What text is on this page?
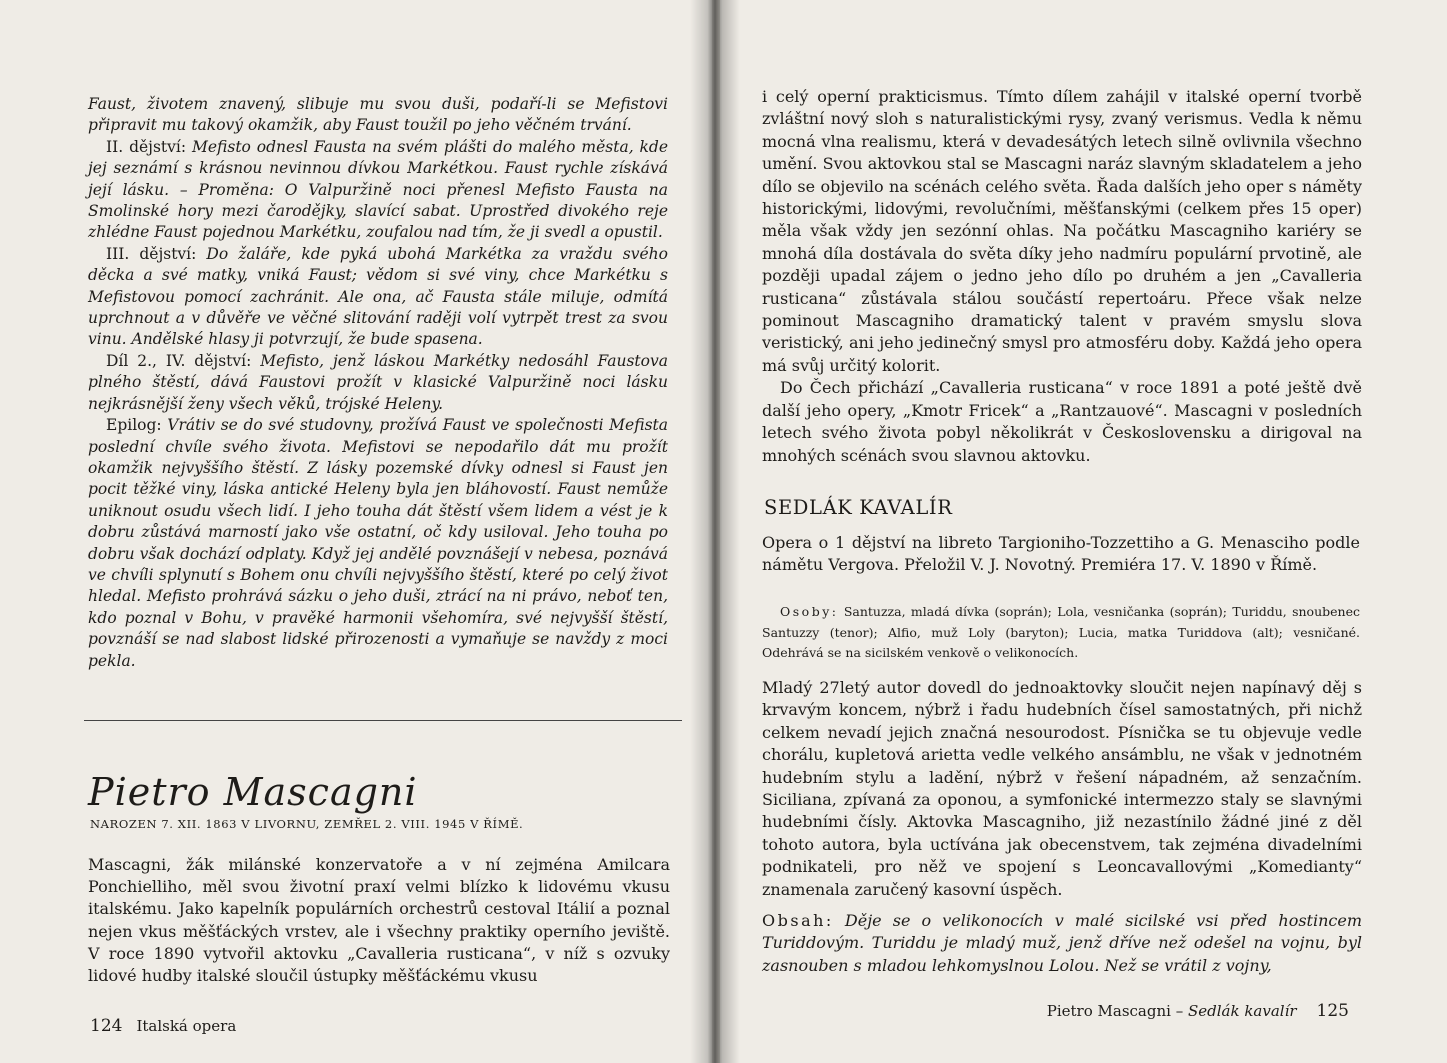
Faust, životem znavený, slibuje mu svou duši, podaří-li se Mefistovi připravit mu takový okamžik, aby Faust toužil po jeho věčném trvání.

II. dějství: Mefisto odnesl Fausta na svém plášti do malého města, kde jej seznámí s krásnou nevinnou dívkou Markétkou. Faust rychle získává její lásku. – Proměna: O Valpuržině noci přenesl Mefisto Fausta na Smolinské hory mezi čarodějky, slavící sabat. Uprostřed divokého reje zhlédne Faust pojednou Markétku, zoufalou nad tím, že ji svedl a opustil.

III. dějství: Do žaláře, kde pyká ubohá Markétka za vraždu svého děcka a své matky, vniká Faust; vědom si své viny, chce Markétku s Mefistovou pomocí zachránit. Ale ona, ač Fausta stále miluje, odmítá uprchnout a v důvěře ve věčné slitování raději volí vytrpět trest za svou vinu. Andělské hlasy ji potvrzují, že bude spasena.

Díl 2., IV. dějství: Mefisto, jenž láskou Markétky nedosáhl Faustova plného štěstí, dává Faustovi prožít v klasické Valpuržině noci lásku nejkrásnější ženy všech věků, trójské Heleny.

Epilog: Vrátiv se do své studovny, prožívá Faust ve společnosti Mefista poslední chvíle svého života. Mefistovi se nepodařilo dát mu prožít okamžik nejvyššího štěstí. Z lásky pozemské dívky odnesl si Faust jen pocit těžké viny, láska antické Heleny byla jen bláhovostí. Faust nemůže uniknout osudu všech lidí. I jeho touha dát štěstí všem lidem a vést je k dobru zůstává marností jako vše ostatní, oč kdy usiloval. Jeho touha po dobru však dochází odplaty. Když jej andělé povznášejí v nebesa, poznává ve chvíli splynutí s Bohem onu chvíli nejvyššího štěstí, které po celý život hledal. Mefisto prohrává sázku o jeho duši, ztrácí na ni právo, neboť ten, kdo poznal v Bohu, v pravěké harmonii všehomíra, své nejvyšší štěstí, povznáší se nad slabost lidské přirozenosti a vymaňuje se navždy z moci pekla.

Pietro Mascagni
NAROZEN 7. XII. 1863 V LIVORNU, ZEMŘEL 2. VIII. 1945 V ŘÍMĚ.

Mascagni, žák milánské konzervatoře a v ní zejména Amilcara Ponchielliho, měl svou životní praxí velmi blízko k lidovému vkusu italskému. Jako kapelník populárních orchestrů cestoval Itálií a poznal nejen vkus měšťáckých vrstev, ale i všechny praktiky operního jeviště. V roce 1890 vytvořil aktovku „Cavalleria rusticana“, v níž s ozvuky lidové hudby italské sloučil ústupky měšťáckému vkusu

124 Italská opera

i celý operní prakticismus. Tímto dílem zahájil v italské operní tvorbě zvláštní nový sloh s naturalistickými rysy, zvaný verismus. Vedla k němu mocná vlna realismu, která v devadesátých letech silně ovlivnila všechno umění. Svou aktovkou stal se Mascagni naráz slavným skladatelem a jeho dílo se objevilo na scénách celého světa. Řada dalších jeho oper s náměty historickými, lidovými, revolučními, měšťanskými (celkem přes 15 oper) měla však vždy jen sezónní ohlas. Na počátku Mascagniho kariéry se mnohá díla dostávala do světa díky jeho nadmíru populární prvotině, ale později upadal zájem o jedno jeho dílo po druhém a jen „Cavalleria rusticana“ zůstávala stálou součástí repertoáru. Přece však nelze pominout Mascagniho dramatický talent v pravém smyslu slova veristický, ani jeho jedinečný smysl pro atmosféru doby. Každá jeho opera má svůj určitý kolorit.

Do Čech přichází „Cavalleria rusticana“ v roce 1891 a poté ještě dvě další jeho opery, „Kmotr Fricek“ a „Rantzauové“. Mascagni v posledních letech svého života pobyl několikrát v Československu a dirigoval na mnohých scénách svou slavnou aktovku.

SEDLÁK KAVALÍR

Opera o 1 dějství na libreto Targioniho-Tozzettiho a G. Menasciho podle námětu Vergova. Přeložil V. J. Novotný. Premiéra 17. V. 1890 v Římě.

Osoby: Santuzza, mladá dívka (soprán); Lola, vesničanka (soprán); Turiddu, snoubenec Santuzzy (tenor); Alfio, muž Loly (baryton); Lucia, matka Turiddova (alt); vesničané. Odehrává se na sicilském venkově o velikonocích.

Mladý 27letý autor dovedl do jednoaktovky sloučit nejen napínavý děj s krvavým koncem, nýbrž i řadu hudebních čísel samostatných, při nichž celkem nevadí jejich značná nesourodost. Písnička se tu objevuje vedle chorálu, kupletová arietta vedle velkého ansámblu, ne však v jednotném hudebním stylu a ladění, nýbrž v řešení nápadném, až senzačním. Siciliana, zpívaná za oponou, a symfonické intermezzo staly se slavnými hudebními čísly. Aktovka Mascagniho, již nezastínilo žádné jiné z děl tohoto autora, byla uctívána jak obecenstvem, tak zejména divadelními podnikateli, pro něž ve spojení s Leoncavallovými „Komedianty“ znamenala zaručený kasovní úspěch.

Obsah: Děje se o velikonocích v malé sicilské vsi před hostincem Turiddovým. Turiddu je mladý muž, jenž dříve než odešel na vojnu, byl zasnouben s mladou lehkomyslnou Lolou. Než se vrátil z vojny,

Pietro Mascagni – Sedlák kavalír 125
